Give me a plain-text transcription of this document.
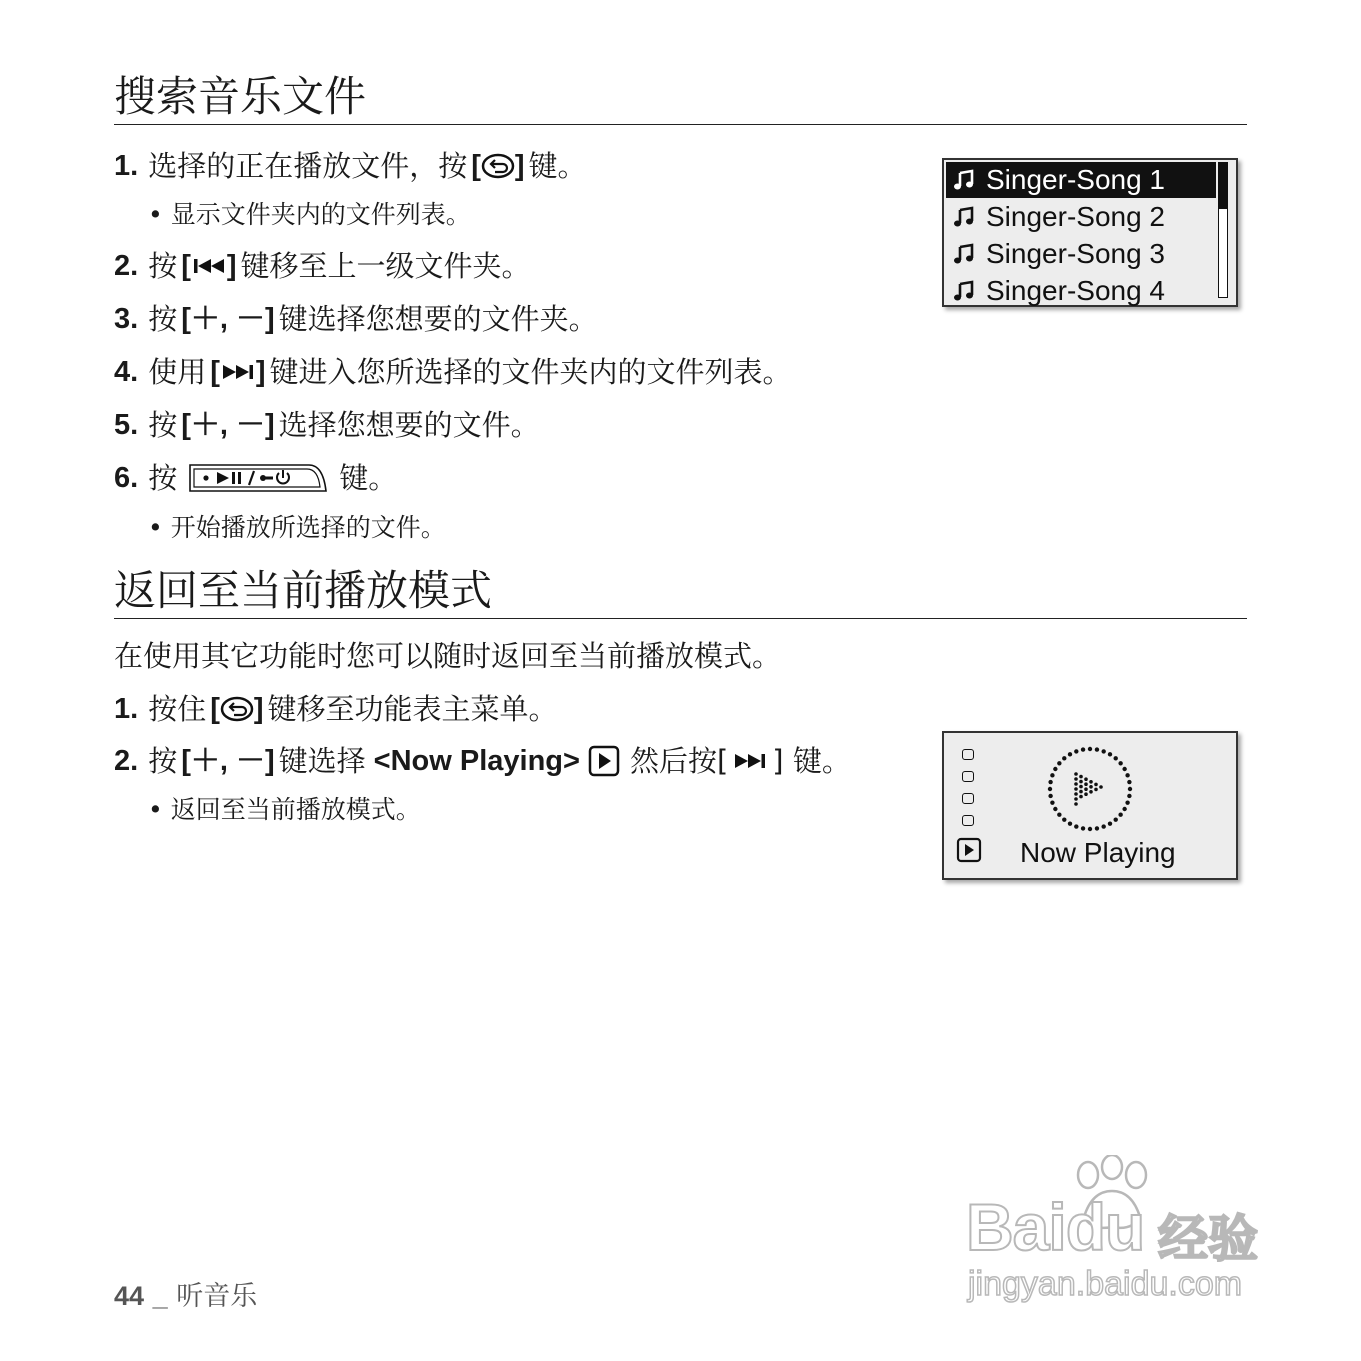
搜索音乐文件
1. 选择的正在播放文件，按 [ ] 键。
• 显示文件夹内的文件列表。
2. 按 [ ] 键移至上一级文件夹。
3. 按 [＋, －] 键选择您想要的文件夹。
4. 使用 [ ] 键进入您所选择的文件夹内的文件列表。
5. 按 [＋, －] 选择您想要的文件。
6. 按	键。
• 开始播放所选择的文件。
Singer-Song 1
Singer-Song 2
Singer-Song 3
Singer-Song 4
返回至当前播放模式
在使用其它功能时您可以随时返回至当前播放模式。
1. 按住 [ ] 键移至功能表主菜单。
2. 按 [＋, －] 键选择 <Now Playing> 然后按[ ] 键。
• 返回至当前播放模式。
Now Playing
44 _ 听音乐
Baidu 经验
jingyan.baidu.com
